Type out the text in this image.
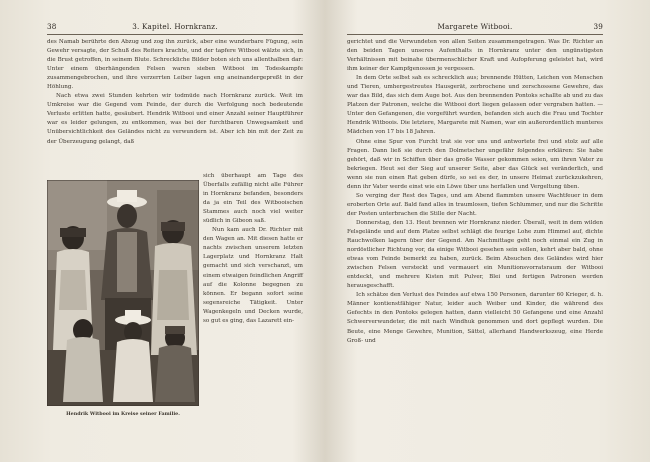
38	3. Kapitel. Hornkranz.

des Namab berührte den Abzug und zog ihn zurück, aber eine wunderbare Fügung, sein Gewehr versagte, der Schuß des Reiters krachte, und der tapfere Witbooi wälzte sich, in die Brust getroffen, in seinem Blute. Schreckliche Bilder boten sich uns allenthalben dar: Unter einem überhängenden Felsen waren sieben Witbooi im Todeskampfe zusammengebrochen, und ihre verzerrten Leiber lagen eng aneinandergepreßt in der Höhlung.

Nach etwa zwei Stunden kehrten wir todmüde nach Hornkranz zurück. Weit im Umkreise war die Gegend vom Feinde, der durch die Verfolgung noch bedeutende Verluste erlitten hatte, gesäubert. Hendrik Witbooi und einer Anzahl seiner Hauptführer war es leider gelungen, zu entkommen, was bei der furchtbaren Unwegsamkeit und Unübersichtlichkeit des Geländes nicht zu verwundern ist. Aber ich bin mit der Zeit zu der Überzeugung gelangt, daß

Hendrik Witbooi im Kreise seiner Familie.

sich überhaupt am Tage des Überfalls zufällig nicht alle Führer in Hornkranz befanden, besonders da ja ein Teil des Witbooischen Stammes auch noch viel weiter südlich in Gibeon saß.

Nun kam auch Dr. Richter mit den Wagen an. Mit diesen hatte er nachts zwischen unserem letzten Lagerplatz und Hornkranz Halt gemacht und sich verschanzt, um einem etwaigen feindlichen Angriff auf die Kolonne begegnen zu können. Er begann sofort seine segensreiche Tätigkeit. Unter Wagenkegeln und Decken wurde, so gut es ging, das Lazarett ein-

Margarete Witbooi.	39

gerichtet und die Verwundeten von allen Seiten zusammengetragen. Was Dr. Richter an den beiden Tagen unseres Aufenthalts in Hornkranz unter den ungünstigsten Verhältnissen mit beinahe übermenschlicher Kraft und Aufopferung geleistet hat, wird ihm keiner der Kampfgenossen je vergessen.

In dem Orte selbst sah es schrecklich aus; brennende Hütten, Leichen von Menschen und Tieren, umhergestreutes Hausgerät, zerbrochene und zerschossene Gewehre, das war das Bild, das sich dem Auge bot. Aus den brennenden Pontoks schallte ab und zu das Platzen der Patronen, welche die Witbooi dort liegen gelassen oder vergraben hatten. — Unter den Gefangenen, die vorgeführt wurden, befanden sich auch die Frau und Tochter Hendrik Witboois. Die letztere, Margarete mit Namen, war ein außerordentlich munteres Mädchen von 17 bis 18 Jahren.

Ohne eine Spur von Furcht trat sie vor uns und antwortete frei und stolz auf alle Fragen. Dann ließ sie durch den Dolmetscher ungefähr folgendes erklären: Sie habe gehört, daß wir in Schiffen über das große Wasser gekommen seien, um ihren Vater zu bekriegen. Heut sei der Sieg auf unserer Seite, aber das Glück sei veränderlich, und wenn sie nun einen Rat geben dürfe, so sei es der, in unsere Heimat zurückzukehren, denn ihr Vater werde einst wie ein Löwe über uns herfallen und Vergeltung üben.

So verging der Rest des Tages, und am Abend flammten unsere Wachtfeuer in dem eroberten Orte auf. Bald fand alles in traumlosen, tiefen Schlummer, und nur die Schritte der Posten unterbrachen die Stille der Nacht.

Donnerstag, den 13. Heut brennen wir Hornkranz nieder. Überall, weit in dem wilden Felsgelände und auf dem Platze selbst schlägt die feurige Lohe zum Himmel auf, dichte Rauchwolken lagern über der Gegend. Am Nachmittage geht noch einmal ein Zug in nordöstlicher Richtung vor, da einige Witbooi gesehen sein sollen, kehrt aber bald, ohne etwas vom Feinde bemerkt zu haben, zurück. Beim Absuchen des Geländes wird hier zwischen Felsen versteckt und vermauert ein Munitionsvorratsraum der Witbooi entdeckt, und mehrere Kisten mit Pulver, Blei und fertigen Patronen werden herausgeschafft.

Ich schätze den Verlust des Feindes auf etwa 150 Personen, darunter 60 Krieger, d. h. Männer kontienstfähiger Natur, leider auch Weiber und Kinder, die während des Gefechts in den Pontoks gelegen hatten, dann vielleicht 50 Gefangene und eine Anzahl Schwerverwundeter, die mit nach Windhuk genommen und dort gepflegt wurden. Die Beute, eine Menge Gewehre, Munition, Sättel, allerhand Handwerkszeug, eine Herde Groß- und
